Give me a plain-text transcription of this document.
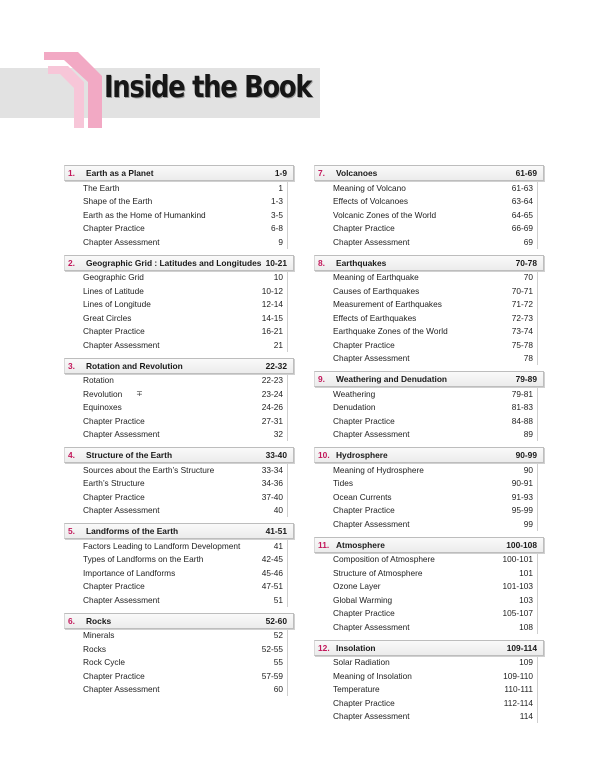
Inside the Book
1.	Earth as a Planet	1-9
The Earth	1
Shape of the Earth	1-3
Earth as the Home of Humankind	3-5
Chapter Practice	6-8
Chapter Assessment	9
2.	Geographic Grid : Latitudes and Longitudes 10-21
Geographic Grid	10
Lines of Latitude	10-12
Lines of Longitude	12-14
Great Circles	14-15
Chapter Practice	16-21
Chapter Assessment	21
3.	Rotation and Revolution	22-32
Rotation	22-23
Revolution	23-24
Equinoxes	24-26
Chapter Practice	27-31
Chapter Assessment	32
4.	Structure of the Earth	33-40
Sources about the Earth’s Structure	33-34
Earth’s Structure	34-36
Chapter Practice	37-40
Chapter Assessment	40
5.	Landforms of the Earth	41-51
Factors Leading to Landform Development	41
Types of Landforms on the Earth	42-45
Importance of Landforms	45-46
Chapter Practice	47-51
Chapter Assessment	51
6.	Rocks	52-60
Minerals	52
Rocks	52-55
Rock Cycle	55
Chapter Practice	57-59
Chapter Assessment	60
7.	Volcanoes	61-69
Meaning of Volcano	61-63
Effects of Volcanoes	63-64
Volcanic Zones of the World	64-65
Chapter Practice	66-69
Chapter Assessment	69
8.	Earthquakes	70-78
Meaning of Earthquake	70
Causes of Earthquakes	70-71
Measurement of Earthquakes	71-72
Effects of Earthquakes	72-73
Earthquake Zones of the World	73-74
Chapter Practice	75-78
Chapter Assessment	78
9.	Weathering and Denudation	79-89
Weathering	79-81
Denudation	81-83
Chapter Practice	84-88
Chapter Assessment	89
10. Hydrosphere	90-99
Meaning of Hydrosphere	90
Tides	90-91
Ocean Currents	91-93
Chapter Practice	95-99
Chapter Assessment	99
11. Atmosphere	100-108
Composition of Atmosphere	100-101
Structure of Atmosphere	101
Ozone Layer	101-103
Global Warming	103
Chapter Practice	105-107
Chapter Assessment	108
12. Insolation	109-114
Solar Radiation	109
Meaning of Insolation	109-110
Temperature	110-111
Chapter Practice	112-114
Chapter Assessment	114
∓
